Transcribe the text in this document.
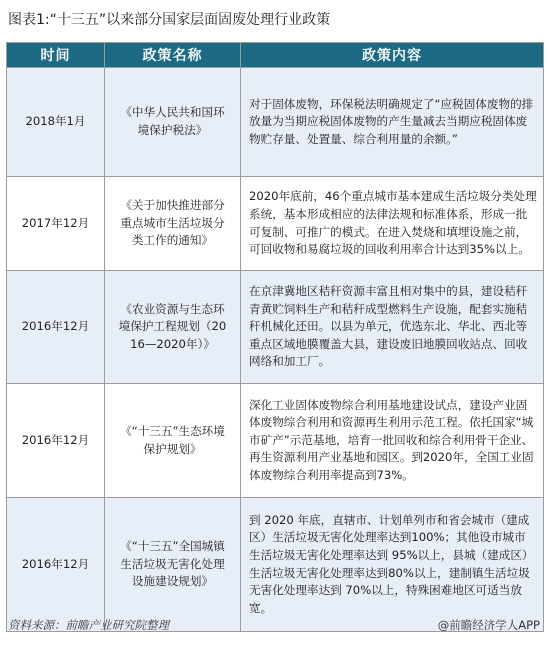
图表1:“十三五”以来部分国家层面固废处理行业政策
时间	政策名称	政策内容
2018年1月	《中华人民共和国环境保护税法》	对于固体废物，环保税法明确规定了“应税固体废物的排放量为当期应税固体废物的产生量减去当期应税固体废物贮存量、处置量、综合利用量的余额。”
2017年12月	《关于加快推进部分重点城市生活垃圾分类工作的通知》	2020年底前，46个重点城市基本建成生活垃圾分类处理系统，基本形成相应的法律法规和标准体系，形成一批可复制、可推广的模式。在进入焚烧和填埋设施之前，可回收物和易腐垃圾的回收利用率合计达到35%以上。
2016年12月	《农业资源与生态环境保护工程规划（2016—2020年）》	在京津冀地区秸秆资源丰富且相对集中的县，建设秸秆青黄贮饲料生产和秸秆成型燃料生产设施，配套实施秸秆机械化还田。以县为单元，优选东北、华北、西北等重点区域地膜覆盖大县，建设废旧地膜回收站点、回收网络和加工厂。
2016年12月	《“十三五”生态环境保护规划》	深化工业固体废物综合利用基地建设试点，建设产业固体废物综合利用和资源再生利用示范工程。依托国家“城市矿产”示范基地，培育一批回收和综合利用骨干企业、再生资源利用产业基地和园区。到2020年，全国工业固体废物综合利用率提高到73%。
2016年12月	《“十三五”全国城镇生活垃圾无害化处理设施建设规划》	到 2020 年底，直辖市、计划单列市和省会城市（建成区）生活垃圾无害化处理率达到100%；其他设市城市生活垃圾无害化处理率达到 95%以上，县城（建成区）生活垃圾无害化处理率达到80%以上，建制镇生活垃圾无害化处理率达到 70%以上，特殊困难地区可适当放宽。
资料来源：前瞻产业研究院整理	@前瞻经济学人APP
